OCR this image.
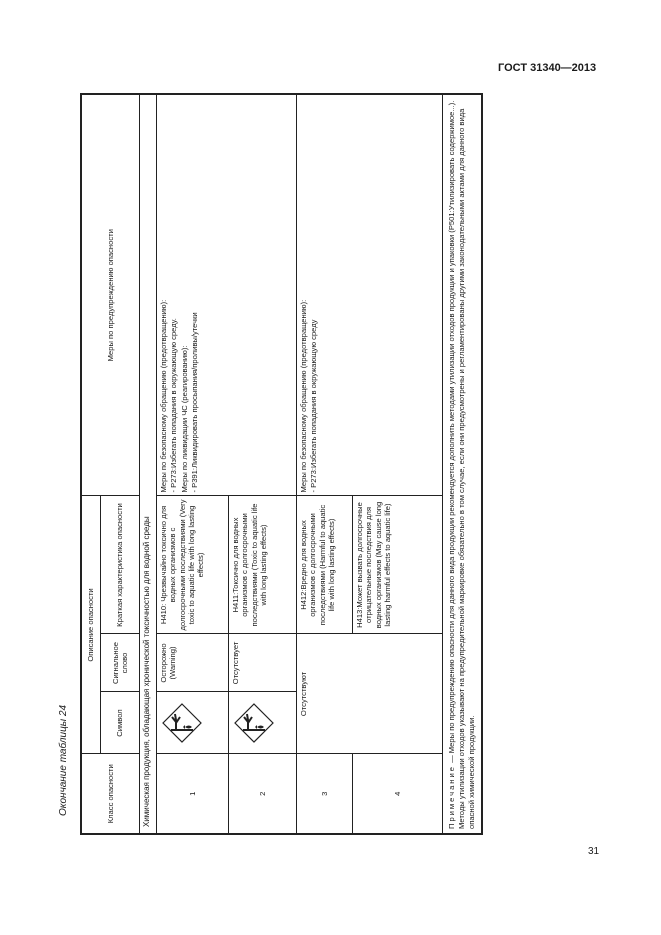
ГОСТ 31340—2013
31
Окончание таблицы 24	Класс опасности	Описание опасности			Меры по предупреждению опасности
	Символ	Сигнальное слово	Краткая характеристика опасности	
Химическая продукция, обладающая хронической токсичностью для водной среды				
1		Осторожно (Warning)	Н410: Чрезвычайно токсично для водных организмов с долгосрочными последствиями (Very toxic to aquatic life with long lasting effects)	Меры по безопасному обращению (предотвращению): - Р273:Избегать попадания в окружающую среду. Меры по ликвидации ЧС (реагированию): - Р391:Ликвидировать просыпания/проливы/утечки

2		Отсутствует	Н411:Токсично для водных организмов с долгосрочными последствиями (Toxic to aquatic life with long lasting effects)	
3	Отсутствуют		Н412:Вредно для водных организмов с долгосрочными последствиями (Harmful to aquatic life with long lasting effects)	Меры по безопасному обращению (предотвращению): - Р273:Избегать попадания в окружающую среду

4			Н413:Может вызвать долгосрочные отрицательные последствия для водных организмов (May cause long lasting harmful effects to aquatic life)	
Примечание — Меры по предупреждению опасности для данного вида продукции рекомендуется дополнить методами утилизации отходов продукции и упаковки (Р501:Утилизировать содержимое...). Методы утилизации отходов указывают на предупредительной маркировке обязательно в том случае, если они предусмотрены и регламентированы другими законодательными актами для данного вида опасной химической продукции.				
